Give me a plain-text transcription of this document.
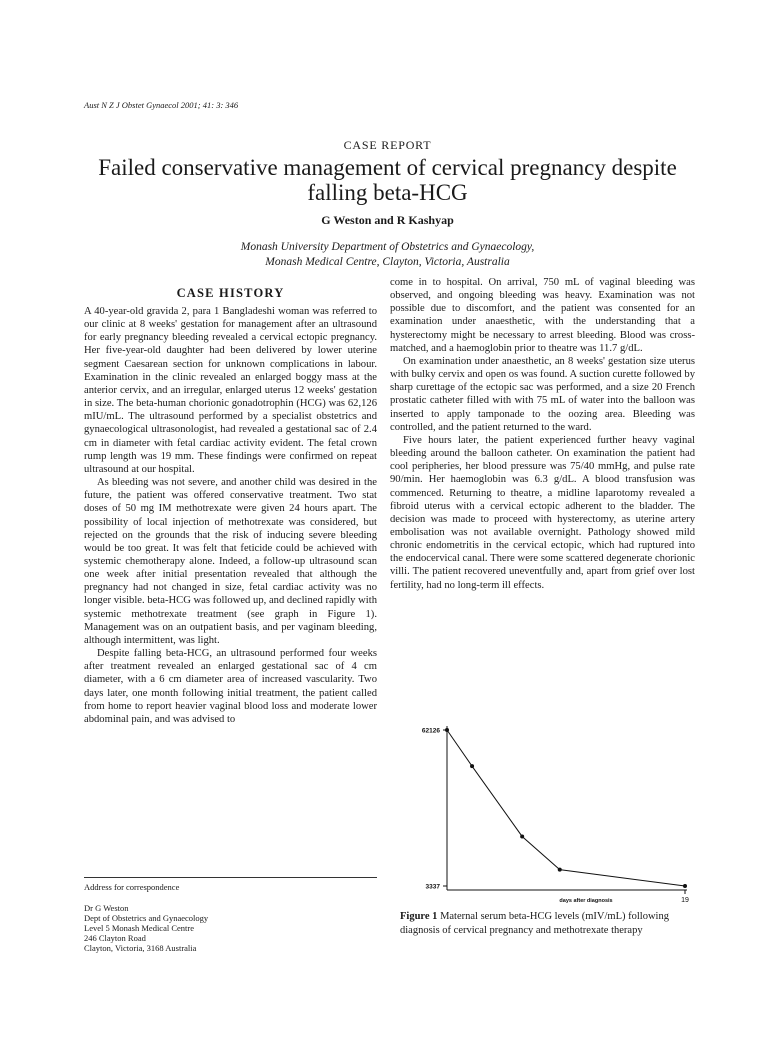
Aust N Z J Obstet Gynaecol 2001; 41: 3: 346
CASE REPORT
Failed conservative management of cervical pregnancy despite falling beta-HCG
G Weston and R Kashyap
Monash University Department of Obstetrics and Gynaecology,
Monash Medical Centre, Clayton, Victoria, Australia
CASE HISTORY

A 40-year-old gravida 2, para 1 Bangladeshi woman was referred to our clinic at 8 weeks' gestation for management after an ultrasound for early pregnancy bleeding revealed a cervical ectopic pregnancy. Her five-year-old daughter had been delivered by lower uterine segment Caesarean section for unknown complications in labour. Examination in the clinic revealed an enlarged boggy mass at the anterior cervix, and an irregular, enlarged uterus 12 weeks' gestation in size. The beta-human chorionic gonadotrophin (HCG) was 62,126 mIU/mL. The ultrasound performed by a specialist obstetrics and gynaecological ultrasonologist, had revealed a gestational sac of 2.4 cm in diameter with fetal cardiac activity evident. The fetal crown rump length was 19 mm. These findings were confirmed on repeat ultrasound at our hospital.

As bleeding was not severe, and another child was desired in the future, the patient was offered conservative treatment. Two stat doses of 50 mg IM methotrexate were given 24 hours apart. The possibility of local injection of methotrexate was considered, but rejected on the grounds that the risk of inducing severe bleeding would be too great. It was felt that feticide could be achieved with systemic chemotherapy alone. Indeed, a follow-up ultrasound scan one week after initial presentation revealed that although the pregnancy had not changed in size, fetal cardiac activity was no longer visible. beta-HCG was followed up, and declined rapidly with systemic methotrexate treatment (see graph in Figure 1). Management was on an outpatient basis, and per vaginam bleeding, although intermittent, was light.

Despite falling beta-HCG, an ultrasound performed four weeks after treatment revealed an enlarged gestational sac of 4 cm diameter, with a 6 cm diameter area of increased vascularity. Two days later, one month following initial treatment, the patient called from home to report heavier vaginal blood loss and moderate lower abdominal pain, and was advised to

come in to hospital. On arrival, 750 mL of vaginal bleeding was observed, and ongoing bleeding was heavy. Examination was not possible due to discomfort, and the patient was consented for an examination under anaesthetic, with the understanding that a hysterectomy might be necessary to arrest bleeding. Blood was cross-matched, and a haemoglobin prior to theatre was 11.7 g/dL.

On examination under anaesthetic, an 8 weeks' gestation size uterus with bulky cervix and open os was found. A suction curette followed by sharp curettage of the ectopic sac was performed, and a size 20 French prostatic catheter filled with with 75 mL of water into the balloon was inserted to apply tamponade to the oozing area. Bleeding was controlled, and the patient returned to the ward.

Five hours later, the patient experienced further heavy vaginal bleeding around the balloon catheter. On examination the patient had cool peripheries, her blood pressure was 75/40 mmHg, and pulse rate 90/min. Her haemoglobin was 6.3 g/dL. A blood transfusion was commenced. Returning to theatre, a midline laparotomy revealed a fibroid uterus with a cervical ectopic adherent to the bladder. The decision was made to proceed with hysterectomy, as uterine artery embolisation was not available overnight. Pathology showed mild chronic endometritis in the cervical ectopic, which had ruptured into the endocervical canal. There were some scattered degenerate chorionic villi. The patient recovered uneventfully and, apart from grief over lost fertility, had no long-term ill effects.

Address for correspondence
Dr G Weston
Dept of Obstetrics and Gynaecology
Level 5 Monash Medical Centre
246 Clayton Road
Clayton, Victoria, 3168 Australia
62126
3337
19
days after diagnosis
Figure 1 Maternal serum beta-HCG levels (mIV/mL) following diagnosis of cervical pregnancy and methotrexate therapy
